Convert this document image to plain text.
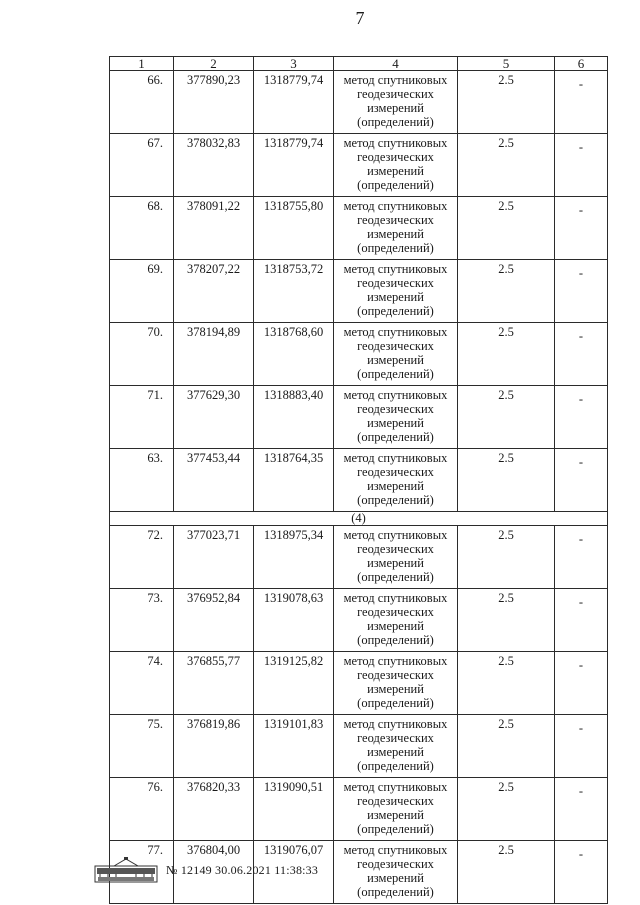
7
1	2	3	4	5	6
66.	377890,23	1318779,74	метод спутниковых геодезических измерений (определений)	2.5	-
67.	378032,83	1318779,74	метод спутниковых геодезических измерений (определений)	2.5	-
68.	378091,22	1318755,80	метод спутниковых геодезических измерений (определений)	2.5	-
69.	378207,22	1318753,72	метод спутниковых геодезических измерений (определений)	2.5	-
70.	378194,89	1318768,60	метод спутниковых геодезических измерений (определений)	2.5	-
71.	377629,30	1318883,40	метод спутниковых геодезических измерений (определений)	2.5	-
63.	377453,44	1318764,35	метод спутниковых геодезических измерений (определений)	2.5	-
(4)					
72.	377023,71	1318975,34	метод спутниковых геодезических измерений (определений)	2.5	-
73.	376952,84	1319078,63	метод спутниковых геодезических измерений (определений)	2.5	-
74.	376855,77	1319125,82	метод спутниковых геодезических измерений (определений)	2.5	-
75.	376819,86	1319101,83	метод спутниковых геодезических измерений (определений)	2.5	-
76.	376820,33	1319090,51	метод спутниковых геодезических измерений (определений)	2.5	-
77.	376804,00	1319076,07	метод спутниковых геодезических измерений (определений)	2.5	-
№ 12149 30.06.2021 11:38:33
